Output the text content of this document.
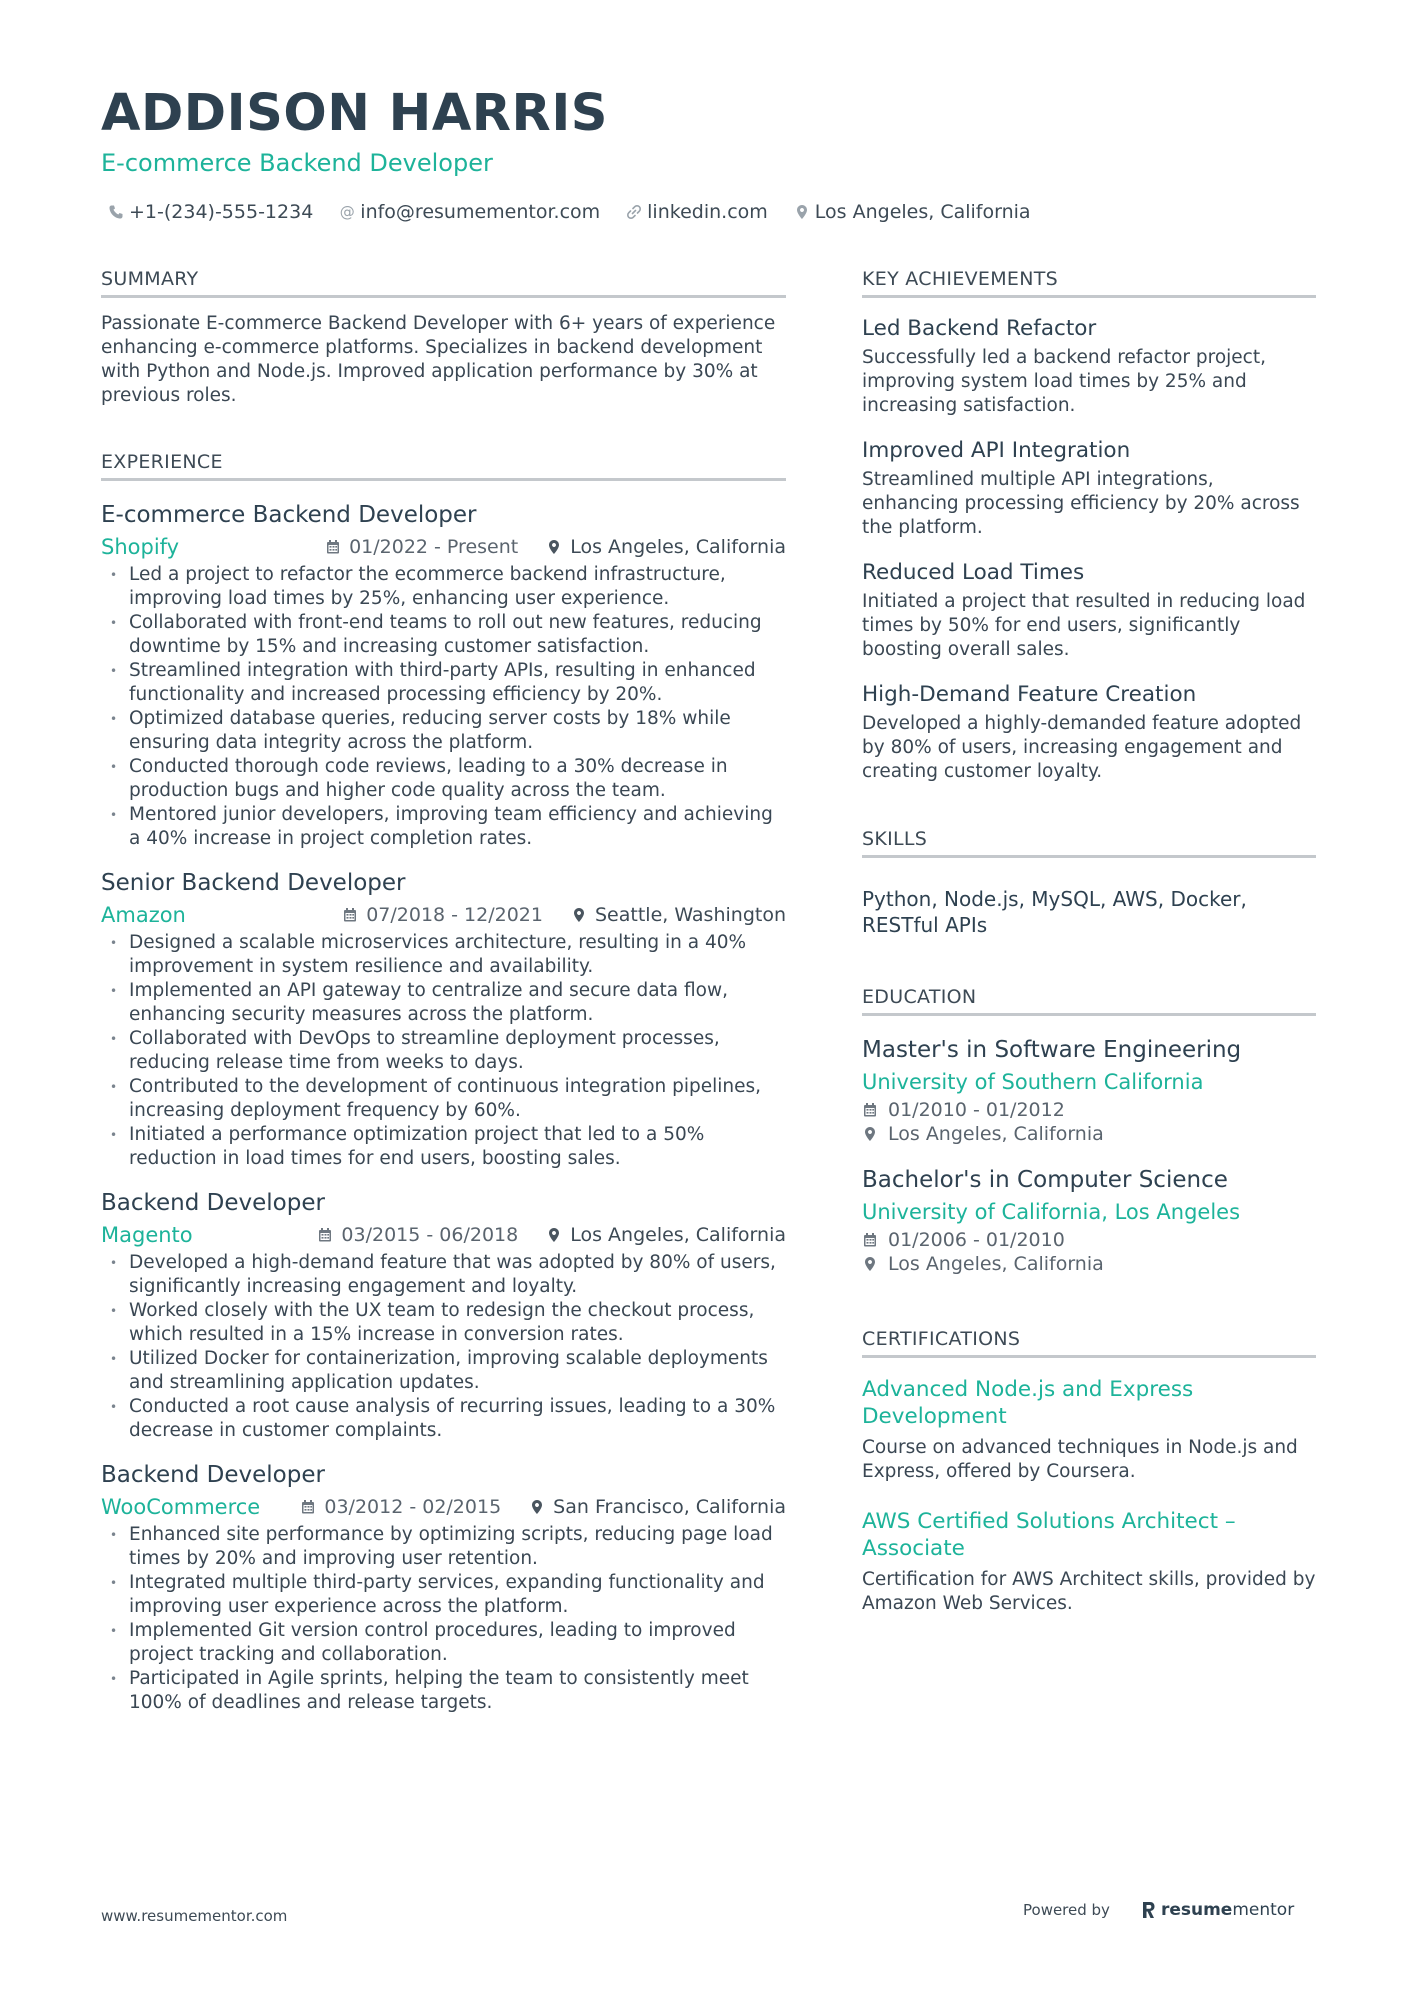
ADDISON HARRIS
E-commerce Backend Developer
+1-(234)-555-1234 @ info@resumementor.com linkedin.com Los Angeles, California
SUMMARY
Passionate E-commerce Backend Developer with 6+ years of experience enhancing e-commerce platforms. Specializes in backend development with Python and Node.js. Improved application performance by 30% at previous roles.
EXPERIENCE
E-commerce Backend Developer
Shopify	01/2022 - Present	Los Angeles, California
• Led a project to refactor the ecommerce backend infrastructure, improving load times by 25%, enhancing user experience.
• Collaborated with front-end teams to roll out new features, reducing downtime by 15% and increasing customer satisfaction.
• Streamlined integration with third-party APIs, resulting in enhanced functionality and increased processing efficiency by 20%.
• Optimized database queries, reducing server costs by 18% while ensuring data integrity across the platform.
• Conducted thorough code reviews, leading to a 30% decrease in production bugs and higher code quality across the team.
• Mentored junior developers, improving team efficiency and achieving a 40% increase in project completion rates.
Senior Backend Developer
Amazon	07/2018 - 12/2021	Seattle, Washington
• Designed a scalable microservices architecture, resulting in a 40% improvement in system resilience and availability.
• Implemented an API gateway to centralize and secure data flow, enhancing security measures across the platform.
• Collaborated with DevOps to streamline deployment processes, reducing release time from weeks to days.
• Contributed to the development of continuous integration pipelines, increasing deployment frequency by 60%.
• Initiated a performance optimization project that led to a 50% reduction in load times for end users, boosting sales.
Backend Developer
Magento	03/2015 - 06/2018	Los Angeles, California
• Developed a high-demand feature that was adopted by 80% of users, significantly increasing engagement and loyalty.
• Worked closely with the UX team to redesign the checkout process, which resulted in a 15% increase in conversion rates.
• Utilized Docker for containerization, improving scalable deployments and streamlining application updates.
• Conducted a root cause analysis of recurring issues, leading to a 30% decrease in customer complaints.
Backend Developer
WooCommerce	03/2012 - 02/2015	San Francisco, California
• Enhanced site performance by optimizing scripts, reducing page load times by 20% and improving user retention.
• Integrated multiple third-party services, expanding functionality and improving user experience across the platform.
• Implemented Git version control procedures, leading to improved project tracking and collaboration.
• Participated in Agile sprints, helping the team to consistently meet 100% of deadlines and release targets.
KEY ACHIEVEMENTS
Led Backend Refactor
Successfully led a backend refactor project, improving system load times by 25% and increasing satisfaction.
Improved API Integration
Streamlined multiple API integrations, enhancing processing efficiency by 20% across the platform.
Reduced Load Times
Initiated a project that resulted in reducing load times by 50% for end users, significantly boosting overall sales.
High-Demand Feature Creation
Developed a highly-demanded feature adopted by 80% of users, increasing engagement and creating customer loyalty.
SKILLS
Python, Node.js, MySQL, AWS, Docker, RESTful APIs
EDUCATION
Master's in Software Engineering
University of Southern California
01/2010 - 01/2012
Los Angeles, California
Bachelor's in Computer Science
University of California, Los Angeles
01/2006 - 01/2010
Los Angeles, California
CERTIFICATIONS
Advanced Node.js and Express Development
Course on advanced techniques in Node.js and Express, offered by Coursera.
AWS Certified Solutions Architect – Associate
Certification for AWS Architect skills, provided by Amazon Web Services.
www.resumementor.com	Powered by	resume mentor
